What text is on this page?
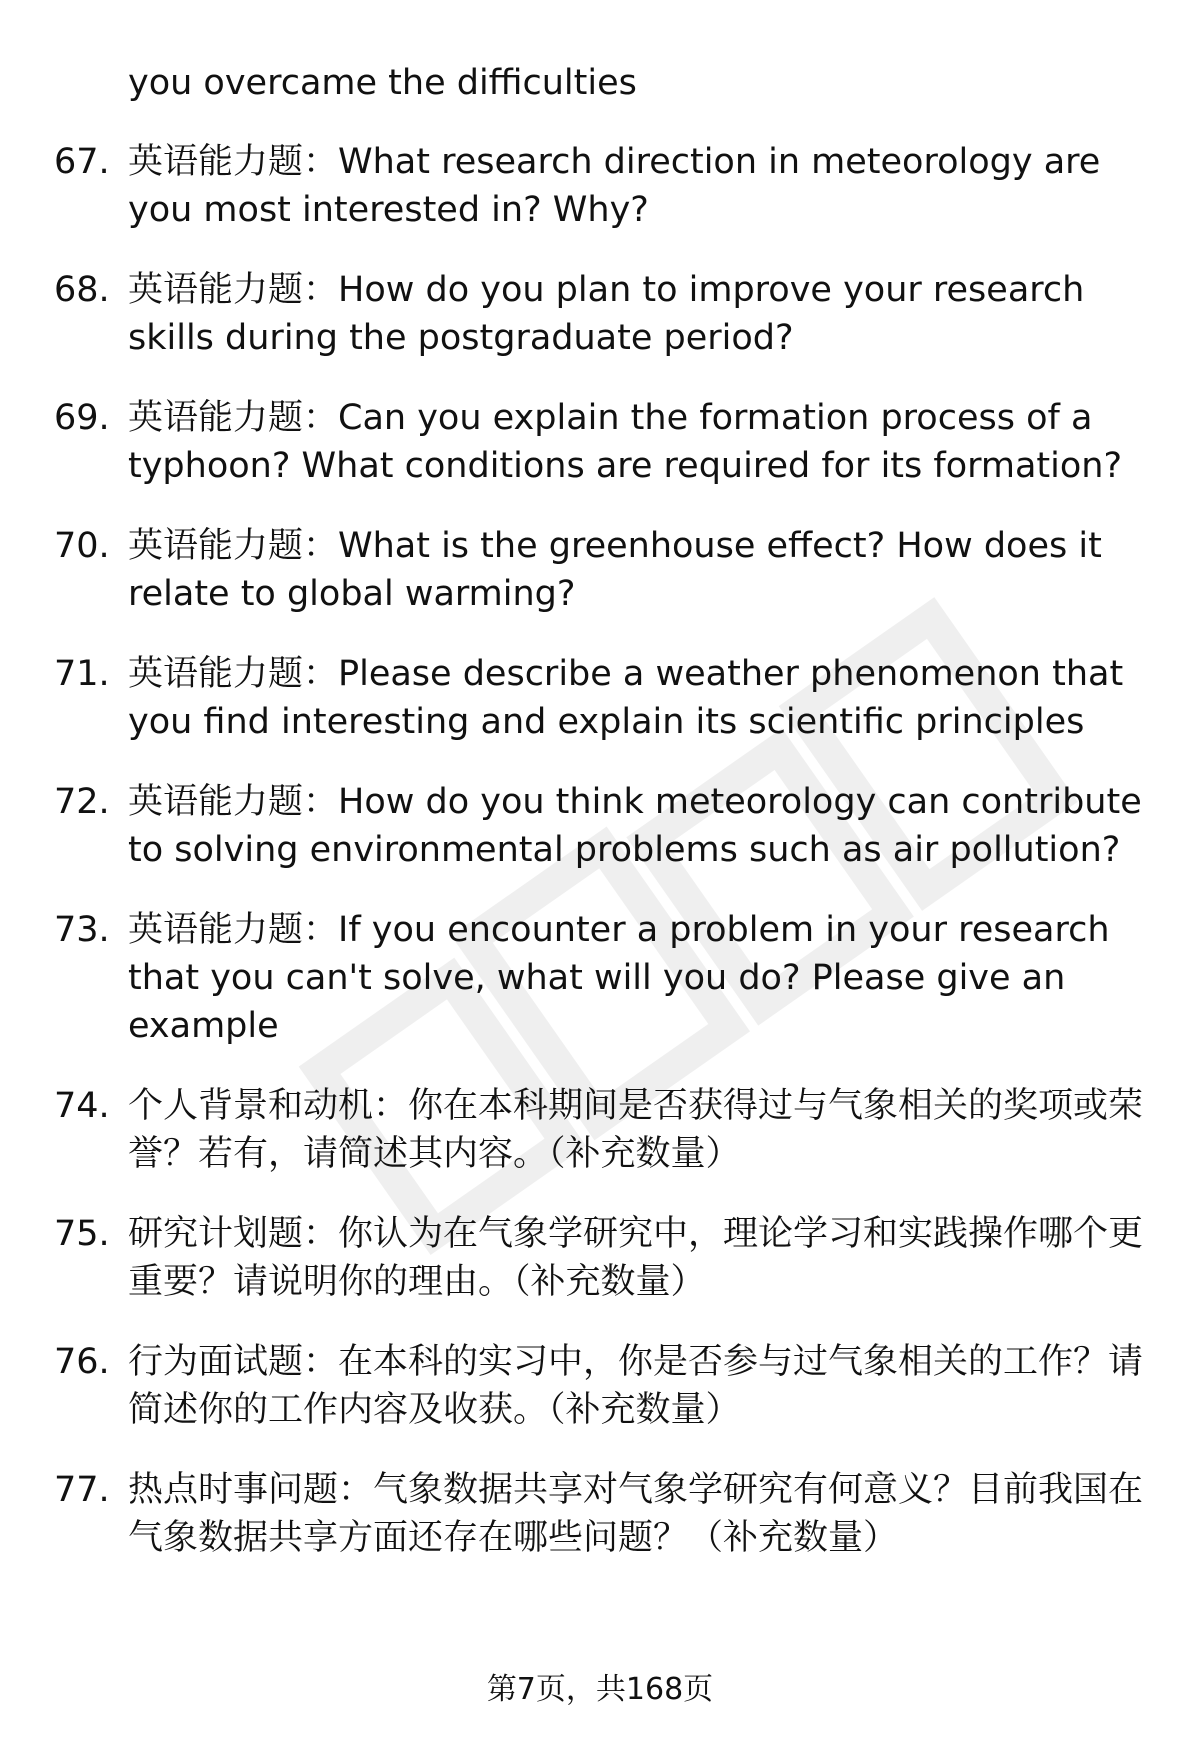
you overcame the difficulties
67. 英语能力题：What research direction in meteorology are you most interested in? Why?
68. 英语能力题：How do you plan to improve your research skills during the postgraduate period?
69. 英语能力题：Can you explain the formation process of a typhoon? What conditions are required for its formation?
70. 英语能力题：What is the greenhouse effect? How does it relate to global warming?
71. 英语能力题：Please describe a weather phenomenon that you find interesting and explain its scientific principles
72. 英语能力题：How do you think meteorology can contribute to solving environmental problems such as air pollution?
73. 英语能力题：If you encounter a problem in your research that you can't solve, what will you do? Please give an example
74. 个人背景和动机：你在本科期间是否获得过与气象相关的奖项或荣誉？若有，请简述其内容。（补充数量）
75. 研究计划题：你认为在气象学研究中，理论学习和实践操作哪个更重要？请说明你的理由。（补充数量）
76. 行为面试题：在本科的实习中，你是否参与过气象相关的工作？请简述你的工作内容及收获。（补充数量）
77. 热点时事问题：气象数据共享对气象学研究有何意义？目前我国在气象数据共享方面还存在哪些问题？（补充数量）
第7页，共168页
